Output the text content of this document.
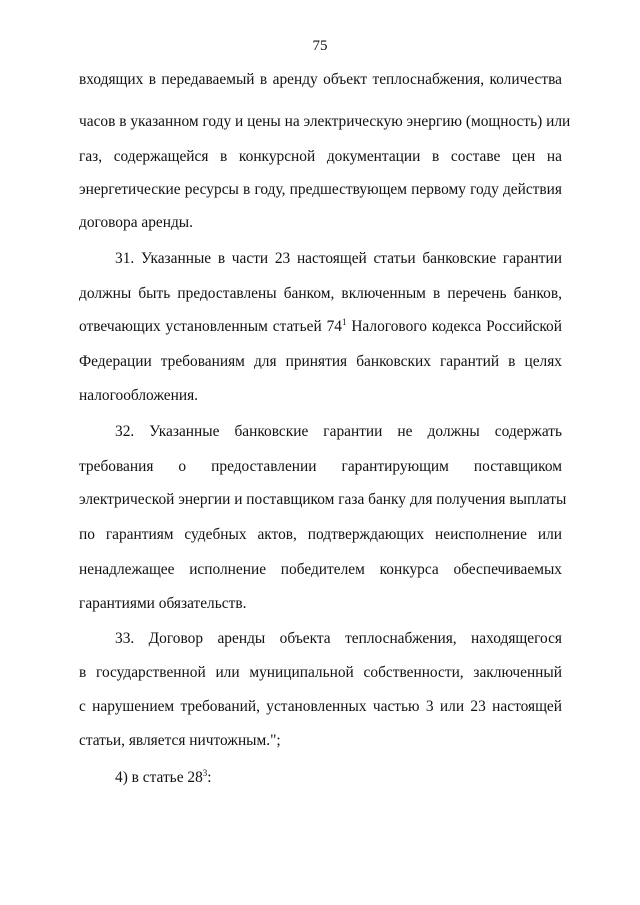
75
входящих в передаваемый в аренду объект теплоснабжения, количества
часов в указанном году и цены на электрическую энергию (мощность) или
газ, содержащейся в конкурсной документации в составе цен на
энергетические ресурсы в году, предшествующем первому году действия
договора аренды.
31. Указанные в части 23 настоящей статьи банковские гарантии
должны быть предоставлены банком, включенным в перечень банков,
отвечающих установленным статьей $74^1$ Налогового кодекса Российской
Федерации требованиям для принятия банковских гарантий в целях
налогообложения.
32. Указанные банковские гарантии не должны содержать
требования о предоставлении гарантирующим поставщиком
электрической энергии и поставщиком газа банку для получения выплаты
по гарантиям судебных актов, подтверждающих неисполнение или
ненадлежащее исполнение победителем конкурса обеспечиваемых
гарантиями обязательств.
33. Договор аренды объекта теплоснабжения, находящегося
в государственной или муниципальной собственности, заключенный
с нарушением требований, установленных частью 3 или 23 настоящей
статьи, является ничтожным.";
4) в статье $28^3$:
